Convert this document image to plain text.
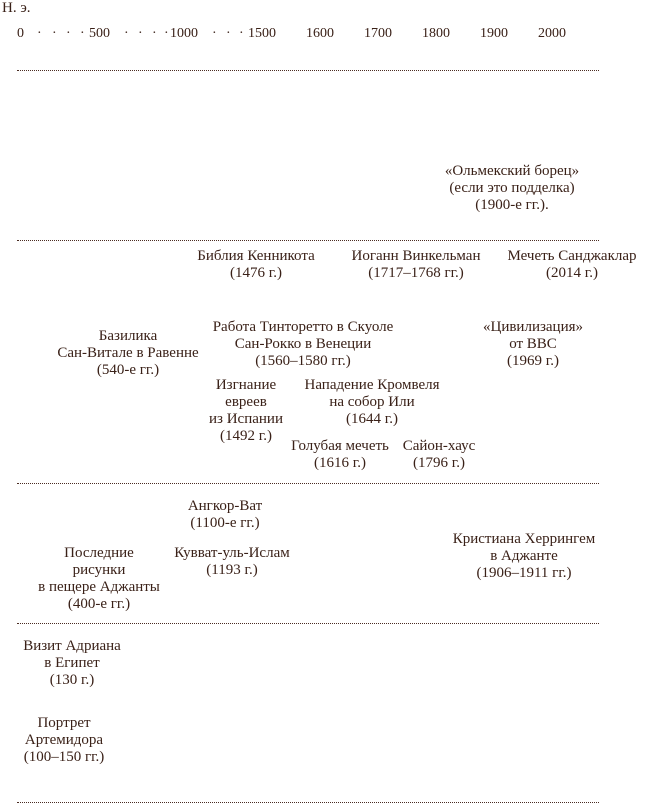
Н. э.
0 · · · · 500 · · · · 1000 · · · 1500 1600 1700 1800 1900 2000
«Ольмекский борец»
(если это подделка)
(1900-е гг.).
Библия Кенникота
(1476 г.)
Иоганн Винкельман
(1717–1768 гг.)
Мечеть Санджаклар
(2014 г.)
Базилика
Сан-Витале в Равенне
(540-е гг.)
Работа Тинторетто в Скуоле
Сан-Рокко в Венеции
(1560–1580 гг.)
«Цивилизация»
от BBC
(1969 г.)
Изгнание
евреев
из Испании
(1492 г.)
Нападение Кромвеля
на собор Или
(1644 г.)
Голубая мечеть
(1616 г.)
Сайон-хаус
(1796 г.)
Ангкор-Ват
(1100-е гг.)
Последние
рисунки
в пещере Аджанты
(400-е гг.)
Кувват-уль-Ислам
(1193 г.)
Кристиана Херрингем
в Аджанте
(1906–1911 гг.)
Визит Адриана
в Египет
(130 г.)
Портрет
Артемидора
(100–150 гг.)
